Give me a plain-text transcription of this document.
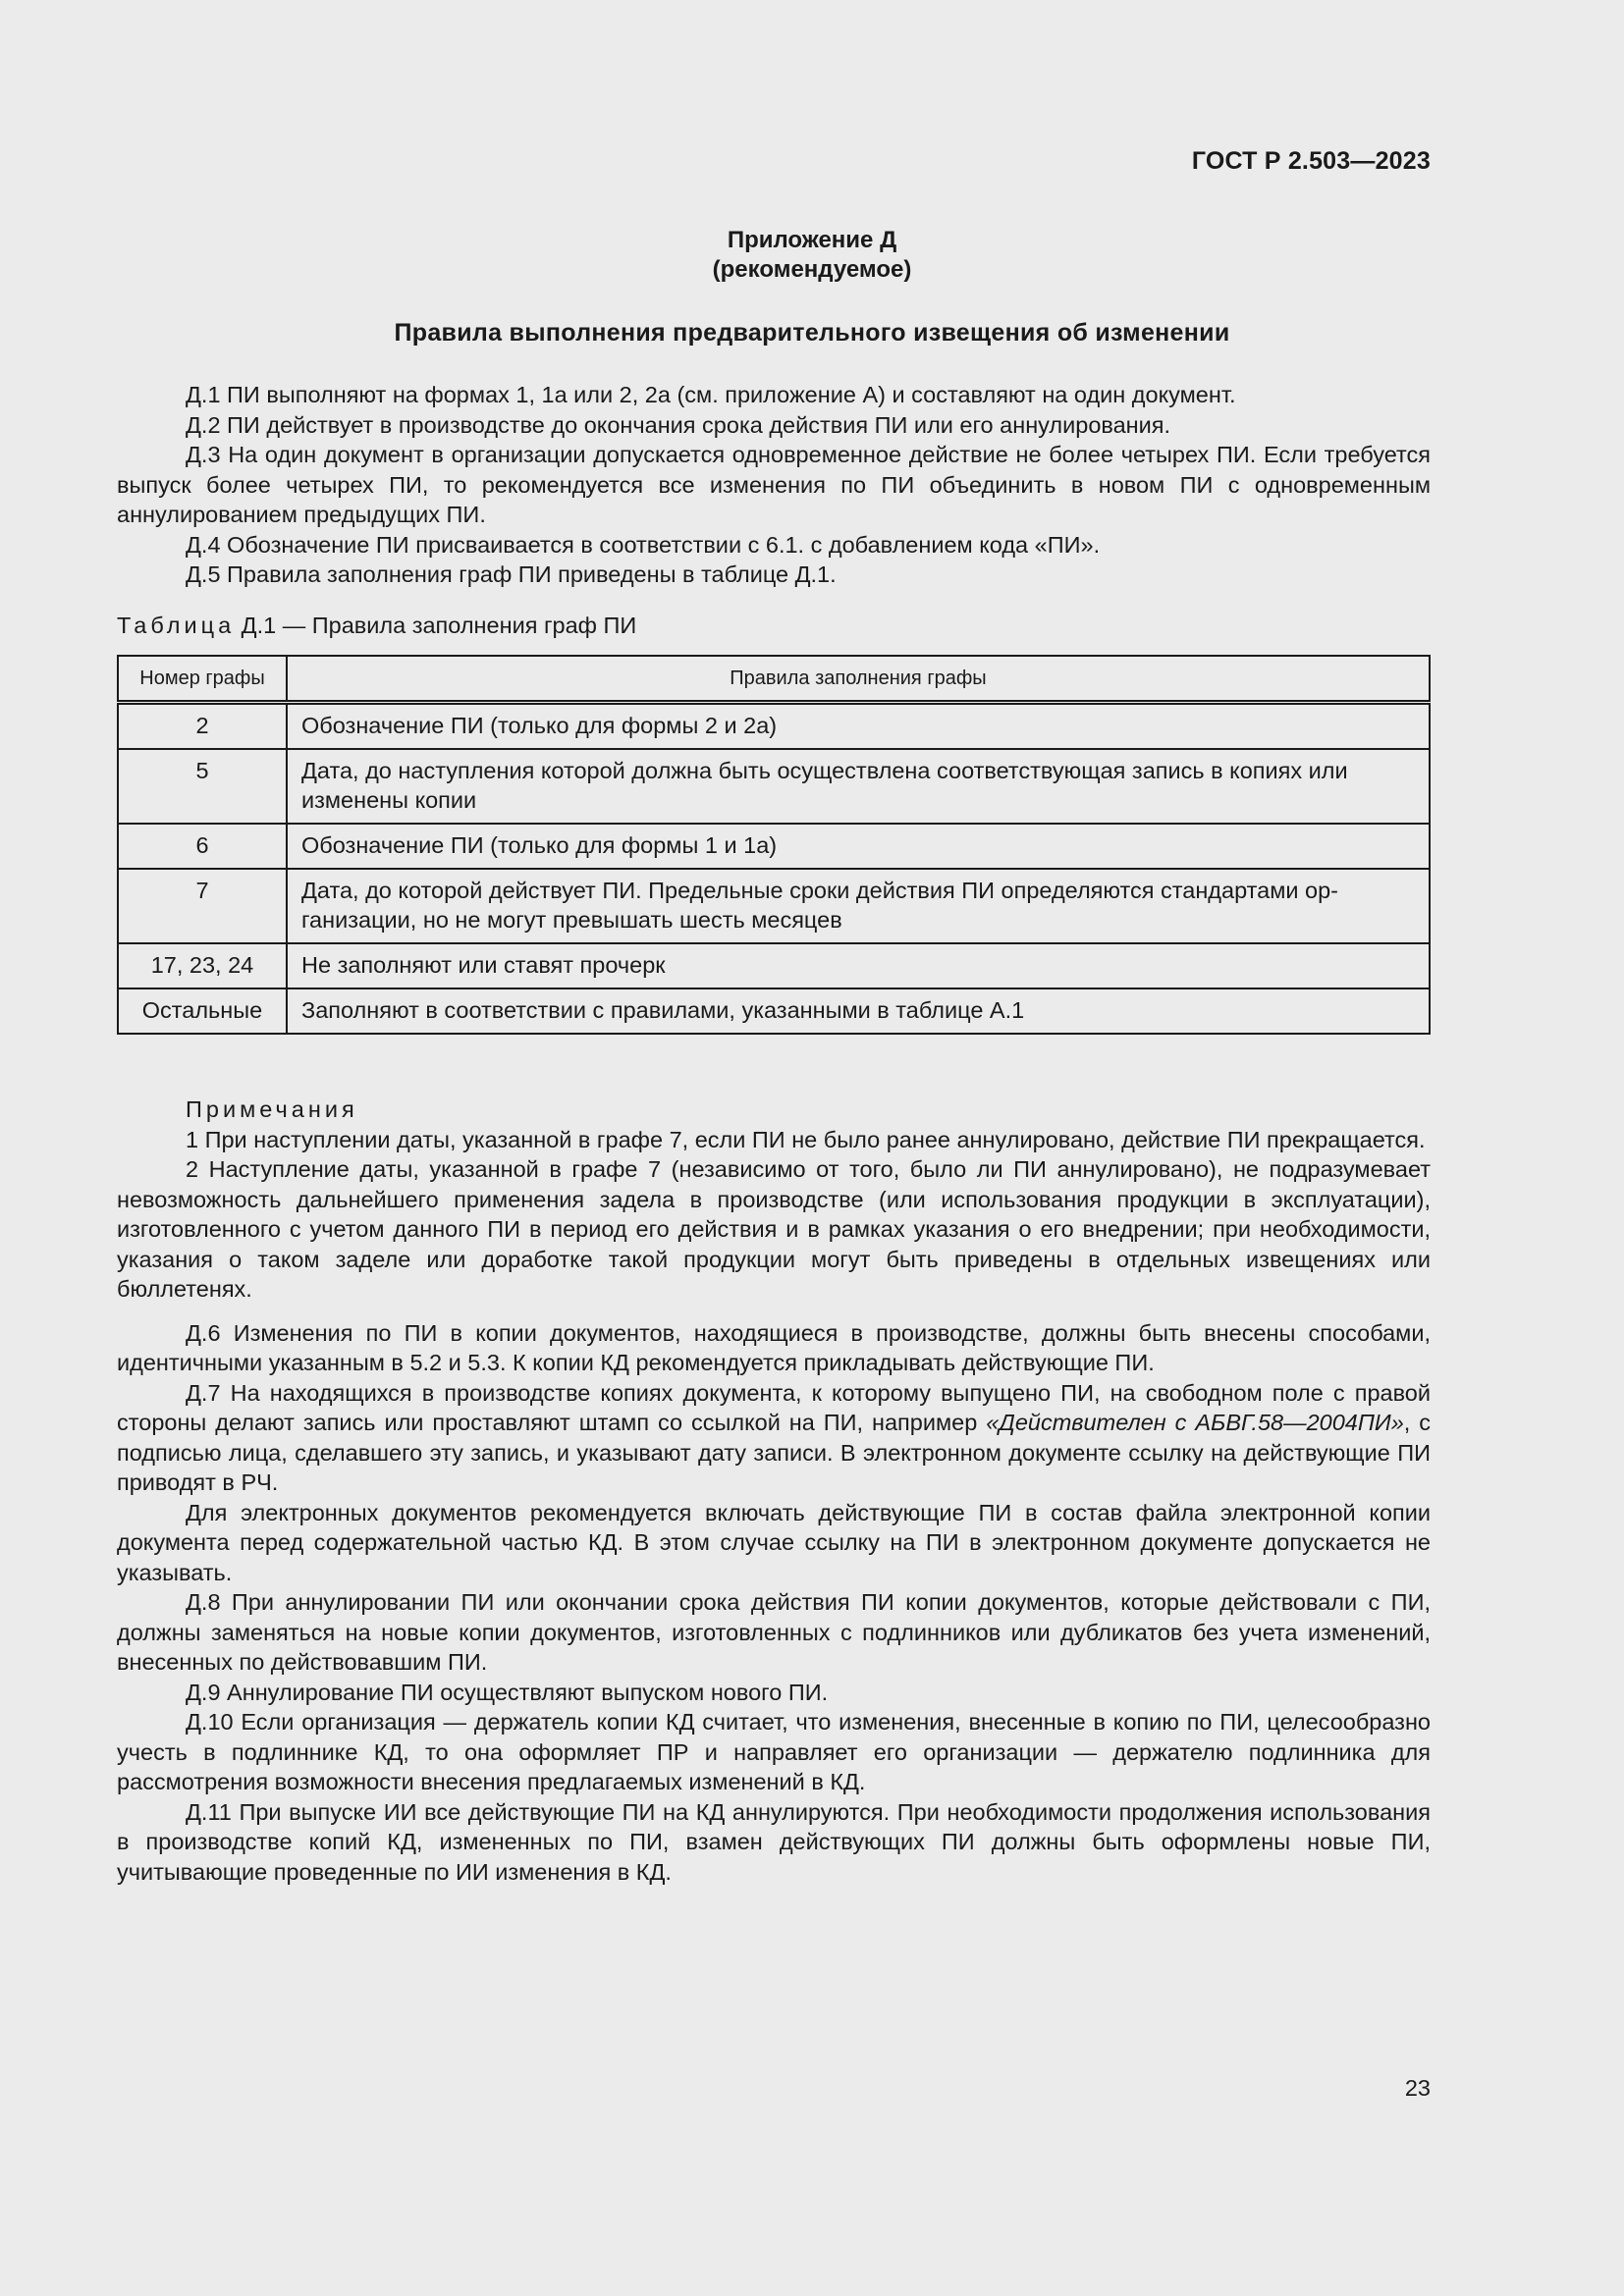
ГОСТ Р 2.503—2023
Приложение Д
(рекомендуемое)
Правила выполнения предварительного извещения об изменении

Д.1 ПИ выполняют на формах 1, 1а или 2, 2а (см. приложение А) и составляют на один документ.

Д.2 ПИ действует в производстве до окончания срока действия ПИ или его аннулирования.

Д.3 На один документ в организации допускается одновременное действие не более четырех ПИ. Если требуется выпуск более четырех ПИ, то рекомендуется все изменения по ПИ объединить в новом ПИ с одновременным аннулированием предыдущих ПИ.

Д.4 Обозначение ПИ присваивается в соответствии с 6.1. с добавлением кода «ПИ».

Д.5 Правила заполнения граф ПИ приведены в таблице Д.1.

Таблица Д.1 — Правила заполнения граф ПИ
Номер графы	Правила заполнения графы
2	Обозначение ПИ (только для формы 2 и 2а)
5	Дата, до наступления которой должна быть осуществлена соответствующая запись в копиях или изменены копии
6	Обозначение ПИ (только для формы 1 и 1а)
7	Дата, до которой действует ПИ. Предельные сроки действия ПИ определяются стандартами организации, но не могут превышать шесть месяцев
17, 23, 24	Не заполняют или ставят прочерк
Остальные	Заполняют в соответствии с правилами, указанными в таблице А.1

Примечания

1 При наступлении даты, указанной в графе 7, если ПИ не было ранее аннулировано, действие ПИ прекращается.

2 Наступление даты, указанной в графе 7 (независимо от того, было ли ПИ аннулировано), не подразумевает невозможность дальнейшего применения задела в производстве (или использования продукции в эксплуатации), изготовленного с учетом данного ПИ в период его действия и в рамках указания о его внедрении; при необходимости, указания о таком заделе или доработке такой продукции могут быть приведены в отдельных извещениях или бюллетенях.

Д.6 Изменения по ПИ в копии документов, находящиеся в производстве, должны быть внесены способами, идентичными указанным в 5.2 и 5.3. К копии КД рекомендуется прикладывать действующие ПИ.

Д.7 На находящихся в производстве копиях документа, к которому выпущено ПИ, на свободном поле с правой стороны делают запись или проставляют штамп со ссылкой на ПИ, например «Действителен с АБВГ.58—2004ПИ», с подписью лица, сделавшего эту запись, и указывают дату записи. В электронном документе ссылку на действующие ПИ приводят в РЧ.

Для электронных документов рекомендуется включать действующие ПИ в состав файла электронной копии документа перед содержательной частью КД. В этом случае ссылку на ПИ в электронном документе допускается не указывать.

Д.8 При аннулировании ПИ или окончании срока действия ПИ копии документов, которые действовали с ПИ, должны заменяться на новые копии документов, изготовленных с подлинников или дубликатов без учета изменений, внесенных по действовавшим ПИ.

Д.9 Аннулирование ПИ осуществляют выпуском нового ПИ.

Д.10 Если организация — держатель копии КД считает, что изменения, внесенные в копию по ПИ, целесообразно учесть в подлиннике КД, то она оформляет ПР и направляет его организации — держателю подлинника для рассмотрения возможности внесения предлагаемых изменений в КД.

Д.11 При выпуске ИИ все действующие ПИ на КД аннулируются. При необходимости продолжения использования в производстве копий КД, измененных по ПИ, взамен действующих ПИ должны быть оформлены новые ПИ, учитывающие проведенные по ИИ изменения в КД.

23
